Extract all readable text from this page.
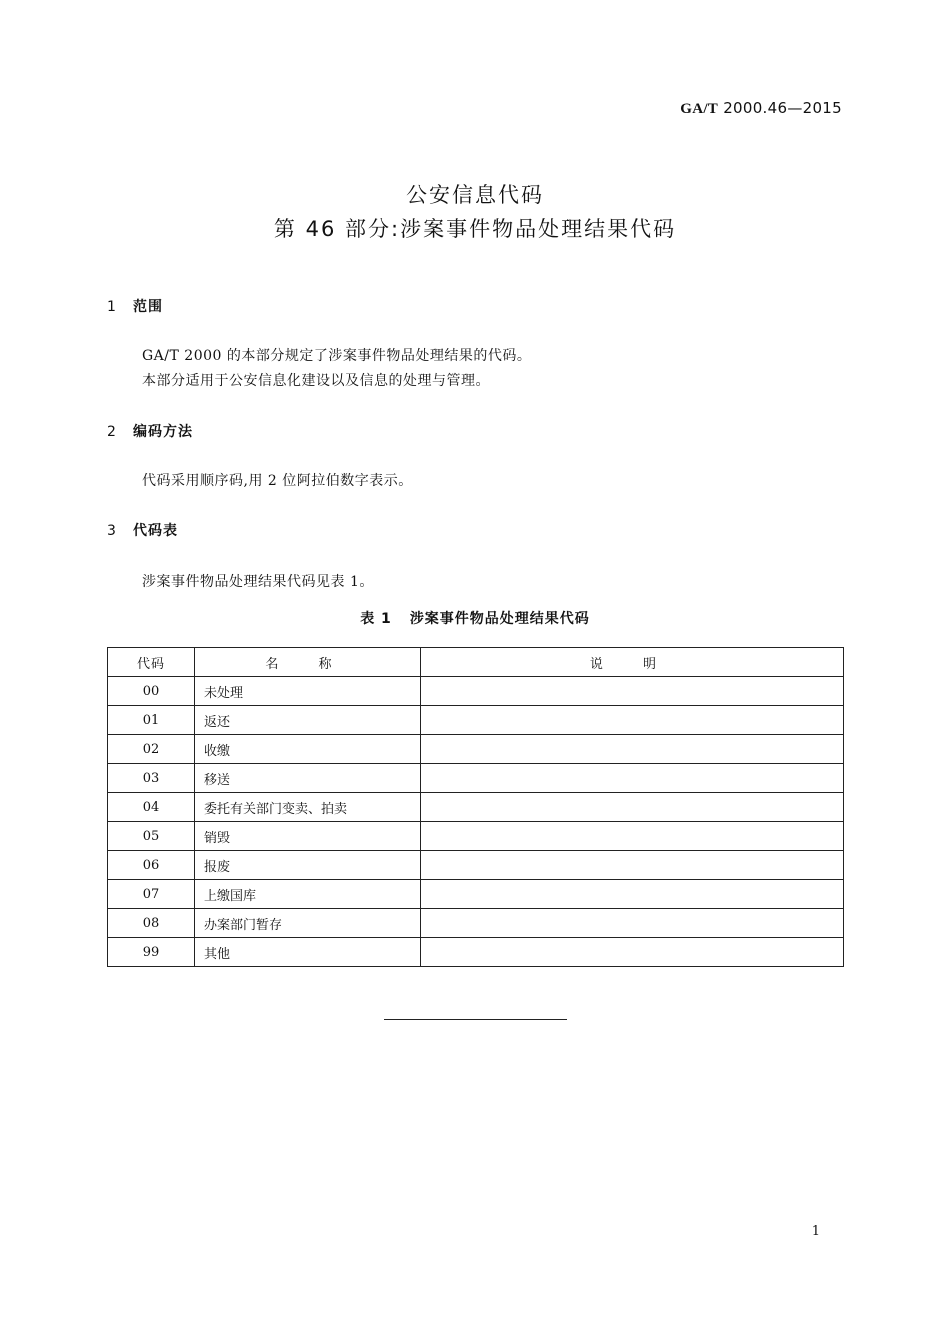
GA/T 2000.46—2015
公安信息代码
第 46 部分:涉案事件物品处理结果代码
1 范围
GA/T 2000 的本部分规定了涉案事件物品处理结果的代码。
本部分适用于公安信息化建设以及信息的处理与管理。
2 编码方法
代码采用顺序码,用 2 位阿拉伯数字表示。
3 代码表
涉案事件物品处理结果代码见表 1。
表 1 涉案事件物品处理结果代码
代码	名 称	说 明
00	未处理	
01	返还	
02	收缴	
03	移送	
04	委托有关部门变卖、拍卖	
05	销毁	
06	报废	
07	上缴国库	
08	办案部门暂存	
99	其他	
1
